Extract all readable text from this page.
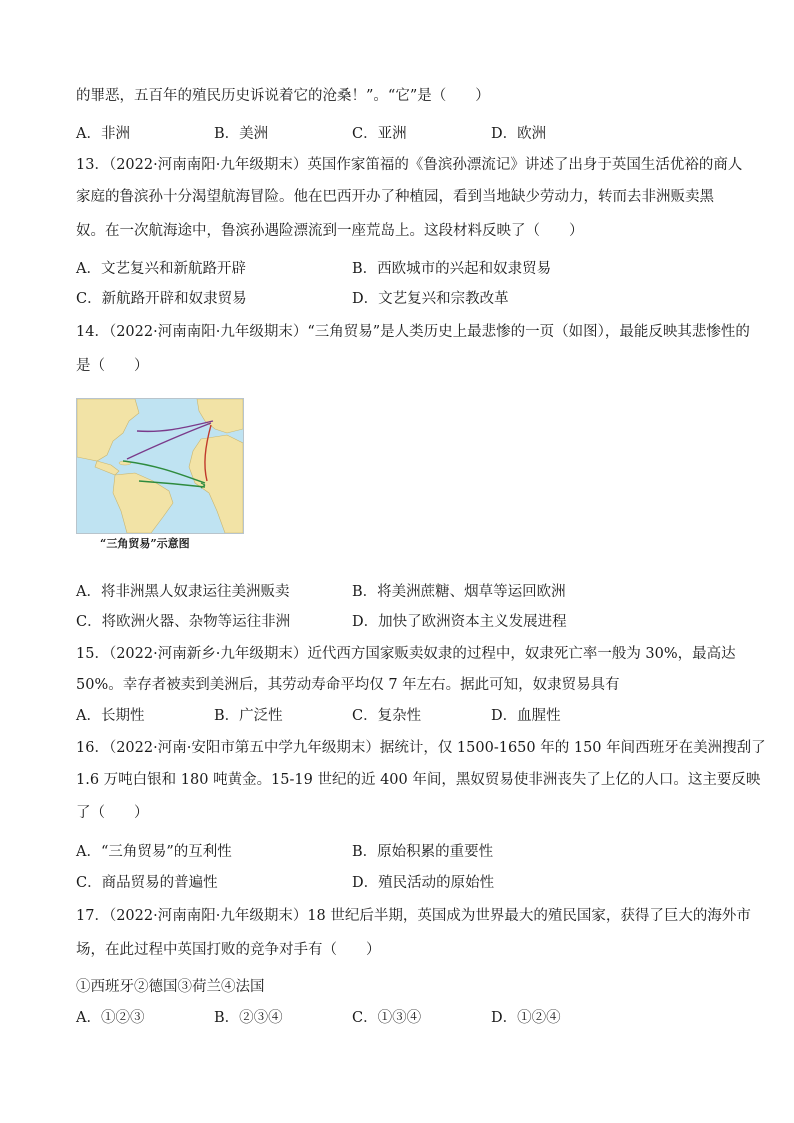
的罪恶，五百年的殖民历史诉说着它的沧桑！”。“它”是（　　）
A．非洲	B．美洲	C．亚洲	D．欧洲
13．（2022·河南南阳·九年级期末）英国作家笛福的《鲁滨孙漂流记》讲述了出身于英国生活优裕的商人
家庭的鲁滨孙十分渴望航海冒险。他在巴西开办了种植园，看到当地缺少劳动力，转而去非洲贩卖黑
奴。在一次航海途中，鲁滨孙遇险漂流到一座荒岛上。这段材料反映了（　　）
A．文艺复兴和新航路开辟	B．西欧城市的兴起和奴隶贸易
C．新航路开辟和奴隶贸易	D．文艺复兴和宗教改革
14．（2022·河南南阳·九年级期末）“三角贸易”是人类历史上最悲惨的一页（如图），最能反映其悲惨性的
是（　　）
“三角贸易”示意图
A．将非洲黑人奴隶运往美洲贩卖	B．将美洲蔗糖、烟草等运回欧洲
C．将欧洲火器、杂物等运往非洲	D．加快了欧洲资本主义发展进程
15．（2022·河南新乡·九年级期末）近代西方国家贩卖奴隶的过程中，奴隶死亡率一般为 30%，最高达
50%。幸存者被卖到美洲后，其劳动寿命平均仅 7 年左右。据此可知，奴隶贸易具有
A．长期性	B．广泛性	C．复杂性	D．血腥性
16．（2022·河南·安阳市第五中学九年级期末）据统计，仅 1500-1650 年的 150 年间西班牙在美洲搜刮了
1.6 万吨白银和 180 吨黄金。15-19 世纪的近 400 年间，黑奴贸易使非洲丧失了上亿的人口。这主要反映
了（　　）
A．“三角贸易”的互利性	B．原始积累的重要性
C．商品贸易的普遍性	D．殖民活动的原始性
17．（2022·河南南阳·九年级期末）18 世纪后半期，英国成为世界最大的殖民国家，获得了巨大的海外市
场，在此过程中英国打败的竞争对手有（　　）
①西班牙②德国③荷兰④法国
A．①②③	B．②③④	C．①③④	D．①②④
